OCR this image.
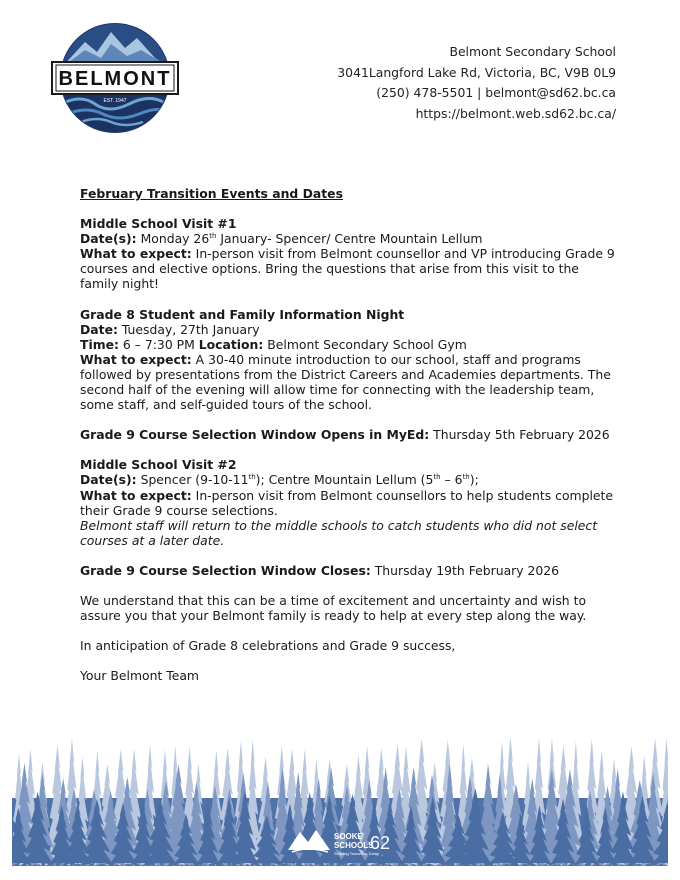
BELMONT
EST. 1947
Belmont Secondary School
3041Langford Lake Rd, Victoria, BC, V9B 0L9
(250) 478-5501 | belmont@sd62.bc.ca
https://belmont.web.sd62.bc.ca/

February Transition Events and Dates

Middle School Visit #1

Date(s): Monday 26th January- Spencer/ Centre Mountain Lellum

What to expect: In-person visit from Belmont counsellor and VP introducing Grade 9 courses and elective options. Bring the questions that arise from this visit to the family night!

Grade 8 Student and Family Information Night

Date: Tuesday, 27th January

Time: 6 – 7:30 PM Location: Belmont Secondary School Gym

What to expect: A 30-40 minute introduction to our school, staff and programs followed by presentations from the District Careers and Academies departments. The second half of the evening will allow time for connecting with the leadership team, some staff, and self-guided tours of the school.

Grade 9 Course Selection Window Opens in MyEd: Thursday 5th February 2026

Middle School Visit #2

Date(s): Spencer (9-10-11th); Centre Mountain Lellum (5th – 6th);

What to expect: In-person visit from Belmont counsellors to help students complete their Grade 9 course selections.

Belmont staff will return to the middle schools to catch students who did not select courses at a later date.

Grade 9 Course Selection Window Closes: Thursday 19th February 2026

We understand that this can be a time of excitement and uncertainty and wish to assure you that your Belmont family is ready to help at every step along the way.

In anticipation of Grade 8 celebrations and Grade 9 success,

Your Belmont Team

SOOKE
SCHOOLS
62
Shaping Tomorrow Today
